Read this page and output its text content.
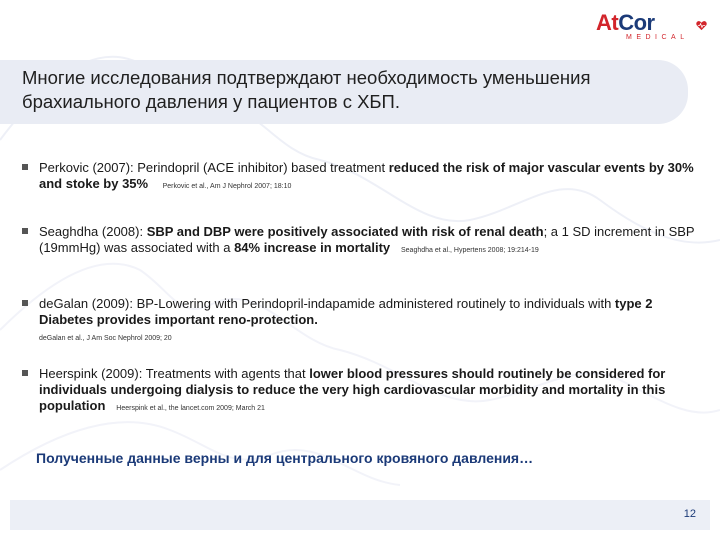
AtCor
MEDICAL
Многие исследования подтверждают необходимость уменьшения брахиального давления у пациентов с ХБП.
Perkovic (2007): Perindopril (ACE inhibitor) based treatment reduced the risk of major vascular events by 30% and stoke by 35% Perkovic et al., Am J Nephrol 2007; 18:10
Seaghdha (2008): SBP and DBP were positively associated with risk of renal death; a 1 SD increment in SBP (19mmHg) was associated with a 84% increase in mortality Seaghdha et al., Hypertens 2008; 19:214-19
deGalan (2009): BP-Lowering with Perindopril-indapamide administered routinely to individuals with type 2 Diabetes provides important reno-protection.
deGalan et al., J Am Soc Nephrol 2009; 20
Heerspink (2009): Treatments with agents that lower blood pressures should routinely be considered for individuals undergoing dialysis to reduce the very high cardiovascular morbidity and mortality in this population Heerspink et al., the lancet.com 2009; March 21
Полученные данные верны и для центрального кровяного давления…
12
